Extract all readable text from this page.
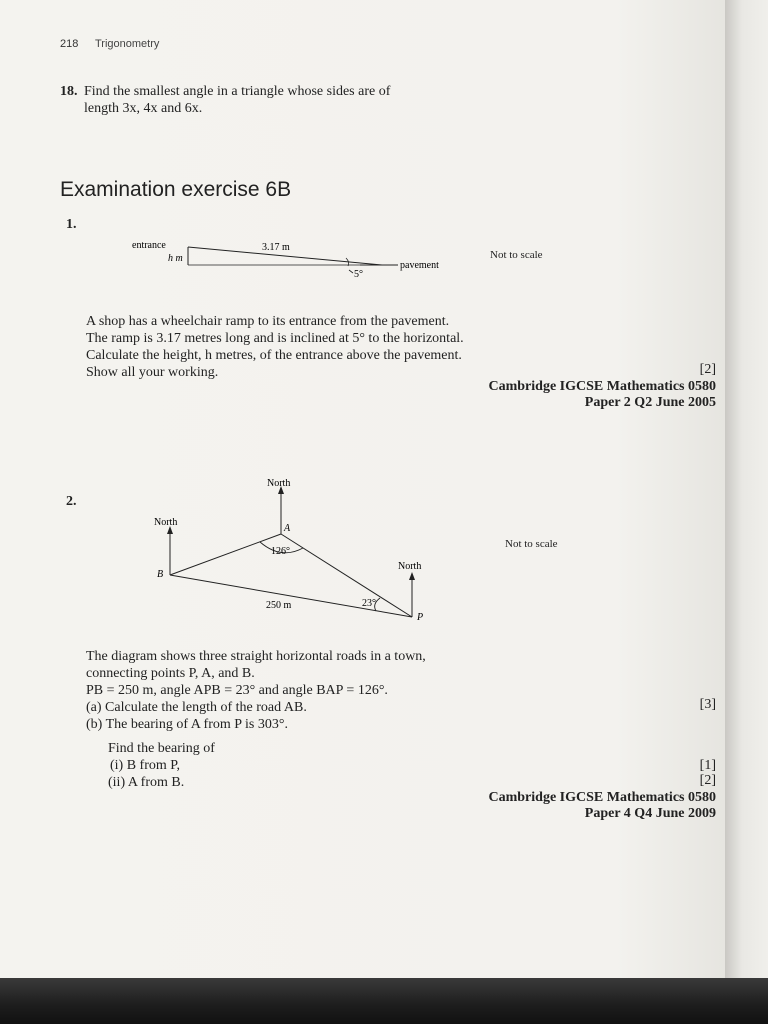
218 Trigonometry
18. Find the smallest angle in a triangle whose sides are of
length 3x, 4x and 6x.
Examination exercise 6B
1.
entrance
h m
3.17 m
5°
pavement
Not to scale
A shop has a wheelchair ramp to its entrance from the pavement.
The ramp is 3.17 metres long and is inclined at 5° to the horizontal.
Calculate the height, h metres, of the entrance above the pavement.
Show all your working.	[2]
Cambridge IGCSE Mathematics 0580
Paper 2 Q2 June 2005
2.
North
North
North
A
B
P
126°
23°
250 m
Not to scale
The diagram shows three straight horizontal roads in a town,
connecting points P, A, and B.
PB = 250 m, angle APB = 23° and angle BAP = 126°.
(a) Calculate the length of the road AB.	[3]
(b) The bearing of A from P is 303°.
Find the bearing of
(i) B from P,	[1]
(ii) A from B.	[2]
Cambridge IGCSE Mathematics 0580
Paper 4 Q4 June 2009
